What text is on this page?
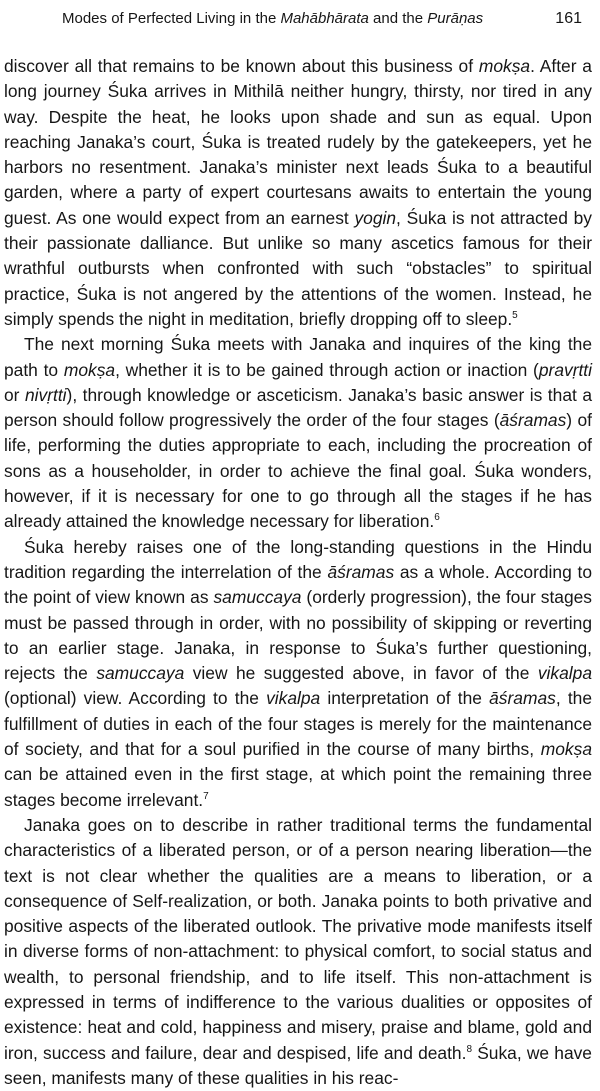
Modes of Perfected Living in the Mahābhārata and the Purāṇas	161

discover all that remains to be known about this business of mokṣa. After a long journey Śuka arrives in Mithilā neither hungry, thirsty, nor tired in any way. Despite the heat, he looks upon shade and sun as equal. Upon reaching Janaka’s court, Śuka is treated rudely by the gatekeepers, yet he harbors no resentment. Janaka’s minister next leads Śuka to a beautiful garden, where a party of expert courtesans awaits to entertain the young guest. As one would expect from an earnest yogin, Śuka is not attracted by their passionate dalliance. But unlike so many ascetics famous for their wrathful outbursts when confronted with such “obstacles” to spiritual practice, Śuka is not angered by the attentions of the women. Instead, he simply spends the night in meditation, briefly dropping off to sleep.$^5$

The next morning Śuka meets with Janaka and inquires of the king the path to mokṣa, whether it is to be gained through action or inaction (pravṛtti or nivṛtti), through knowledge or asceticism. Janaka’s basic answer is that a person should follow progressively the order of the four stages (āśramas) of life, performing the duties appropriate to each, including the procreation of sons as a householder, in order to achieve the final goal. Śuka wonders, however, if it is necessary for one to go through all the stages if he has already attained the knowledge necessary for liberation.$^6$

Śuka hereby raises one of the long-standing questions in the Hindu tradition regarding the interrelation of the āśramas as a whole. According to the point of view known as samuccaya (orderly progression), the four stages must be passed through in order, with no possibility of skipping or reverting to an earlier stage. Janaka, in response to Śuka’s further questioning, rejects the samuccaya view he suggested above, in favor of the vikalpa (optional) view. According to the vikalpa interpretation of the āśramas, the fulfillment of duties in each of the four stages is merely for the maintenance of society, and that for a soul purified in the course of many births, mokṣa can be attained even in the first stage, at which point the remaining three stages become irrelevant.$^7$

Janaka goes on to describe in rather traditional terms the fundamental characteristics of a liberated person, or of a person nearing liberation—the text is not clear whether the qualities are a means to liberation, or a consequence of Self-realization, or both. Janaka points to both privative and positive aspects of the liberated outlook. The privative mode manifests itself in diverse forms of non-attachment: to physical comfort, to social status and wealth, to personal friendship, and to life itself. This non-attachment is expressed in terms of indifference to the various dualities or opposites of existence: heat and cold, happiness and misery, praise and blame, gold and iron, success and failure, dear and despised, life and death.$^8$ Śuka, we have seen, manifests many of these qualities in his reac-
